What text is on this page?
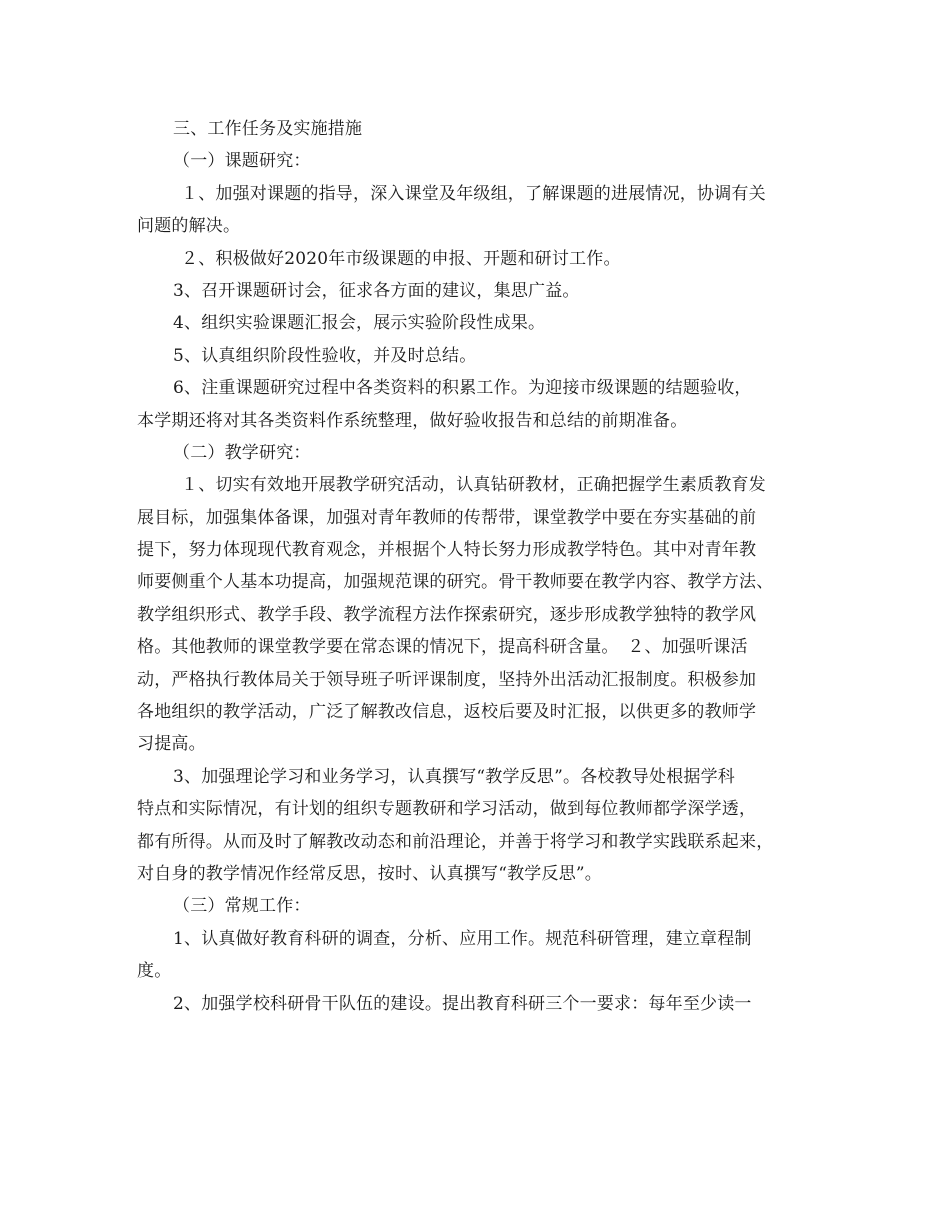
三、工作任务及实施措施
（一）课题研究：
１、加强对课题的指导，深入课堂及年级组，了解课题的进展情况，协调有关
问题的解决。
２、积极做好2020年市级课题的申报、开题和研讨工作。
3、召开课题研讨会，征求各方面的建议，集思广益。
4、组织实验课题汇报会，展示实验阶段性成果。
5、认真组织阶段性验收，并及时总结。
6、注重课题研究过程中各类资料的积累工作。为迎接市级课题的结题验收，
本学期还将对其各类资料作系统整理，做好验收报告和总结的前期准备。
（二）教学研究：
１、切实有效地开展教学研究活动，认真钻研教材，正确把握学生素质教育发
展目标，加强集体备课，加强对青年教师的传帮带，课堂教学中要在夯实基础的前
提下，努力体现现代教育观念，并根据个人特长努力形成教学特色。其中对青年教
师要侧重个人基本功提高，加强规范课的研究。骨干教师要在教学内容、教学方法、
教学组织形式、教学手段、教学流程方法作探索研究，逐步形成教学独特的教学风
格。其他教师的课堂教学要在常态课的情况下，提高科研含量。　２、加强听课活
动，严格执行教体局关于领导班子听评课制度，坚持外出活动汇报制度。积极参加
各地组织的教学活动，广泛了解教改信息，返校后要及时汇报，以供更多的教师学
习提高。
3、加强理论学习和业务学习，认真撰写“教学反思”。各校教导处根据学科
特点和实际情况，有计划的组织专题教研和学习活动，做到每位教师都学深学透，
都有所得。从而及时了解教改动态和前沿理论，并善于将学习和教学实践联系起来，
对自身的教学情况作经常反思，按时、认真撰写“教学反思”。
（三）常规工作：
1、认真做好教育科研的调查，分析、应用工作。规范科研管理，建立章程制
度。
2、加强学校科研骨干队伍的建设。提出教育科研三个一要求：每年至少读一
